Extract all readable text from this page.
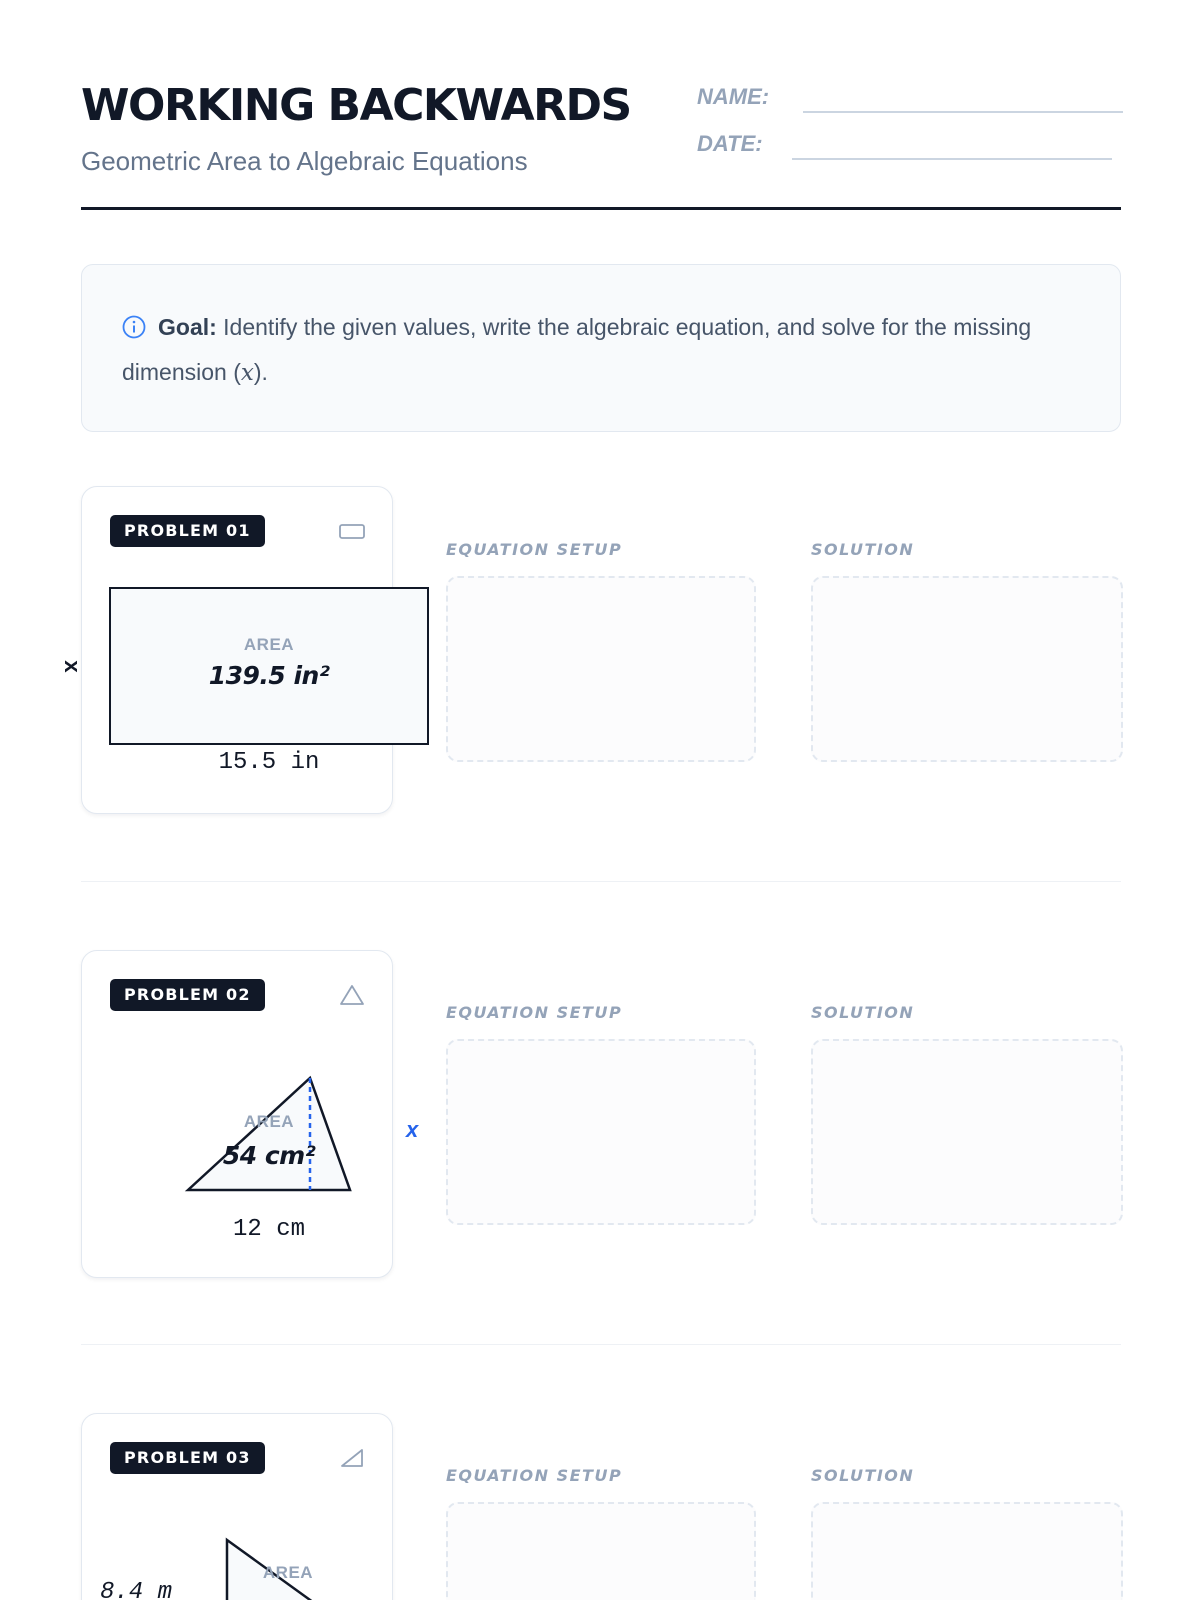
WORKING BACKWARDS
Geometric Area to Algebraic Equations
NAME:
DATE:
Goal: Identify the given values, write the algebraic equation, and solve for the missing dimension (x).
PROBLEM 01
AREA
139.5 in²
15.5 in
x
EQUATION SETUP	SOLUTION
PROBLEM 02
AREA
54 cm²
12 cm
x
EQUATION SETUP	SOLUTION
PROBLEM 03
AREA
8.4 m
EQUATION SETUP	SOLUTION
